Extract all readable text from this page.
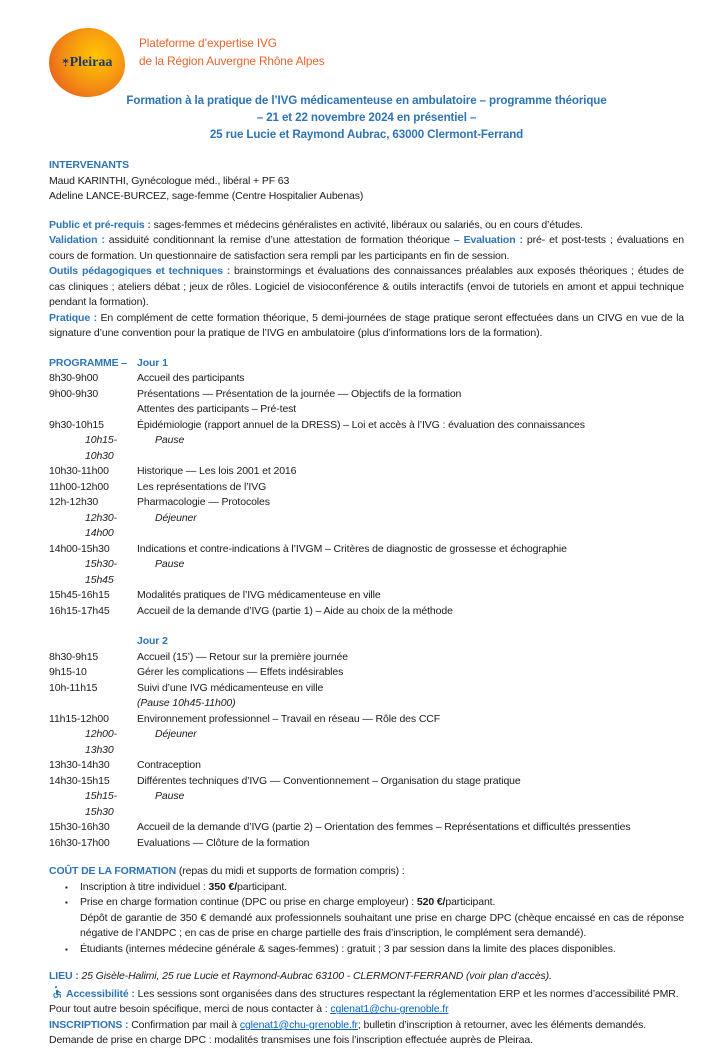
Pleiraa
Plateforme d’expertise IVG
de la Région Auvergne Rhône Alpes
Formation à la pratique de l’IVG médicamenteuse en ambulatoire – programme théorique
– 21 et 22 novembre 2024 en présentiel –
25 rue Lucie et Raymond Aubrac, 63000 Clermont-Ferrand
INTERVENANTS
Maud KARINTHI, Gynécologue méd., libéral + PF 63
Adeline LANCE-BURCEZ, sage-femme (Centre Hospitalier Aubenas)

Public et pré-requis : sages-femmes et médecins généralistes en activité, libéraux ou salariés, ou en cours d’études.

Validation : assiduité conditionnant la remise d’une attestation de formation théorique – Evaluation : pré- et post-tests ; évaluations en cours de formation. Un questionnaire de satisfaction sera rempli par les participants en fin de session.

Outils pédagogiques et techniques : brainstormings et évaluations des connaissances préalables aux exposés théoriques ; études de cas cliniques ; ateliers débat ; jeux de rôles. Logiciel de visioconférence & outils interactifs (envoi de tutoriels en amont et appui technique pendant la formation).

Pratique : En complément de cette formation théorique, 5 demi-journées de stage pratique seront effectuées dans un CIVG en vue de la signature d’une convention pour la pratique de l’IVG en ambulatoire (plus d’informations lors de la formation).

PROGRAMME – Jour 1
8h30-9h00	Accueil des participants
9h00-9h30	Présentations — Présentation de la journée — Objectifs de la formation
Attentes des participants – Pré-test
9h30-10h15	Épidémiologie (rapport annuel de la DRESS) – Loi et accès à l’IVG : évaluation des connaissances
10h15-10h30
Pause
10h30-11h00	Historique — Les lois 2001 et 2016
11h00-12h00	Les représentations de l’IVG
12h-12h30	Pharmacologie — Protocoles
12h30-14h00
Déjeuner
14h00-15h30	Indications et contre-indications à l’IVGM – Critères de diagnostic de grossesse et échographie
15h30-15h45
Pause
15h45-16h15	Modalités pratiques de l’IVG médicamenteuse en ville
16h15-17h45	Accueil de la demande d’IVG (partie 1) – Aide au choix de la méthode
Jour 2
8h30-9h15	Accueil (15’) — Retour sur la première journée
9h15-10	Gérer les complications — Effets indésirables
10h-11h15	Suivi d’une IVG médicamenteuse en ville
(Pause 10h45-11h00)
11h15-12h00	Environnement professionnel – Travail en réseau — Rôle des CCF
12h00-13h30
Déjeuner
13h30-14h30	Contraception
14h30-15h15	Différentes techniques d’IVG — Conventionnement – Organisation du stage pratique
15h15-15h30
Pause
15h30-16h30	Accueil de la demande d’IVG (partie 2) – Orientation des femmes – Représentations et difficultés pressenties
16h30-17h00	Evaluations — Clôture de la formation
COÛT DE LA FORMATION (repas du midi et supports de formation compris) :
▪	Inscription à titre individuel : 350 €/participant.
▪	Prise en charge formation continue (DPC ou prise en charge employeur) : 520 €/participant.
Dépôt de garantie de 350 € demandé aux professionnels souhaitant une prise en charge DPC (chèque encaissé en cas de réponse négative de l’ANDPC ; en cas de prise en charge partielle des frais d’inscription, le complément sera demandé).
▪	Étudiants (internes médecine générale & sages-femmes) : gratuit ; 3 par session dans la limite des places disponibles.
LIEU : 25 Gisèle-Halimi, 25 rue Lucie et Raymond-Aubrac 63100 - CLERMONT-FERRAND (voir plan d’accès).
Accessibilité : Les sessions sont organisées dans des structures respectant la réglementation ERP et les normes d’accessibilité PMR. Pour tout autre besoin spécifique, merci de nous contacter à : cglenat1@chu-grenoble.fr
INSCRIPTIONS : Confirmation par mail à cglenat1@chu-grenoble.fr; bulletin d’inscription à retourner, avec les éléments demandés.

Demande de prise en charge DPC : modalités transmises une fois l’inscription effectuée auprès de Pleiraa.
